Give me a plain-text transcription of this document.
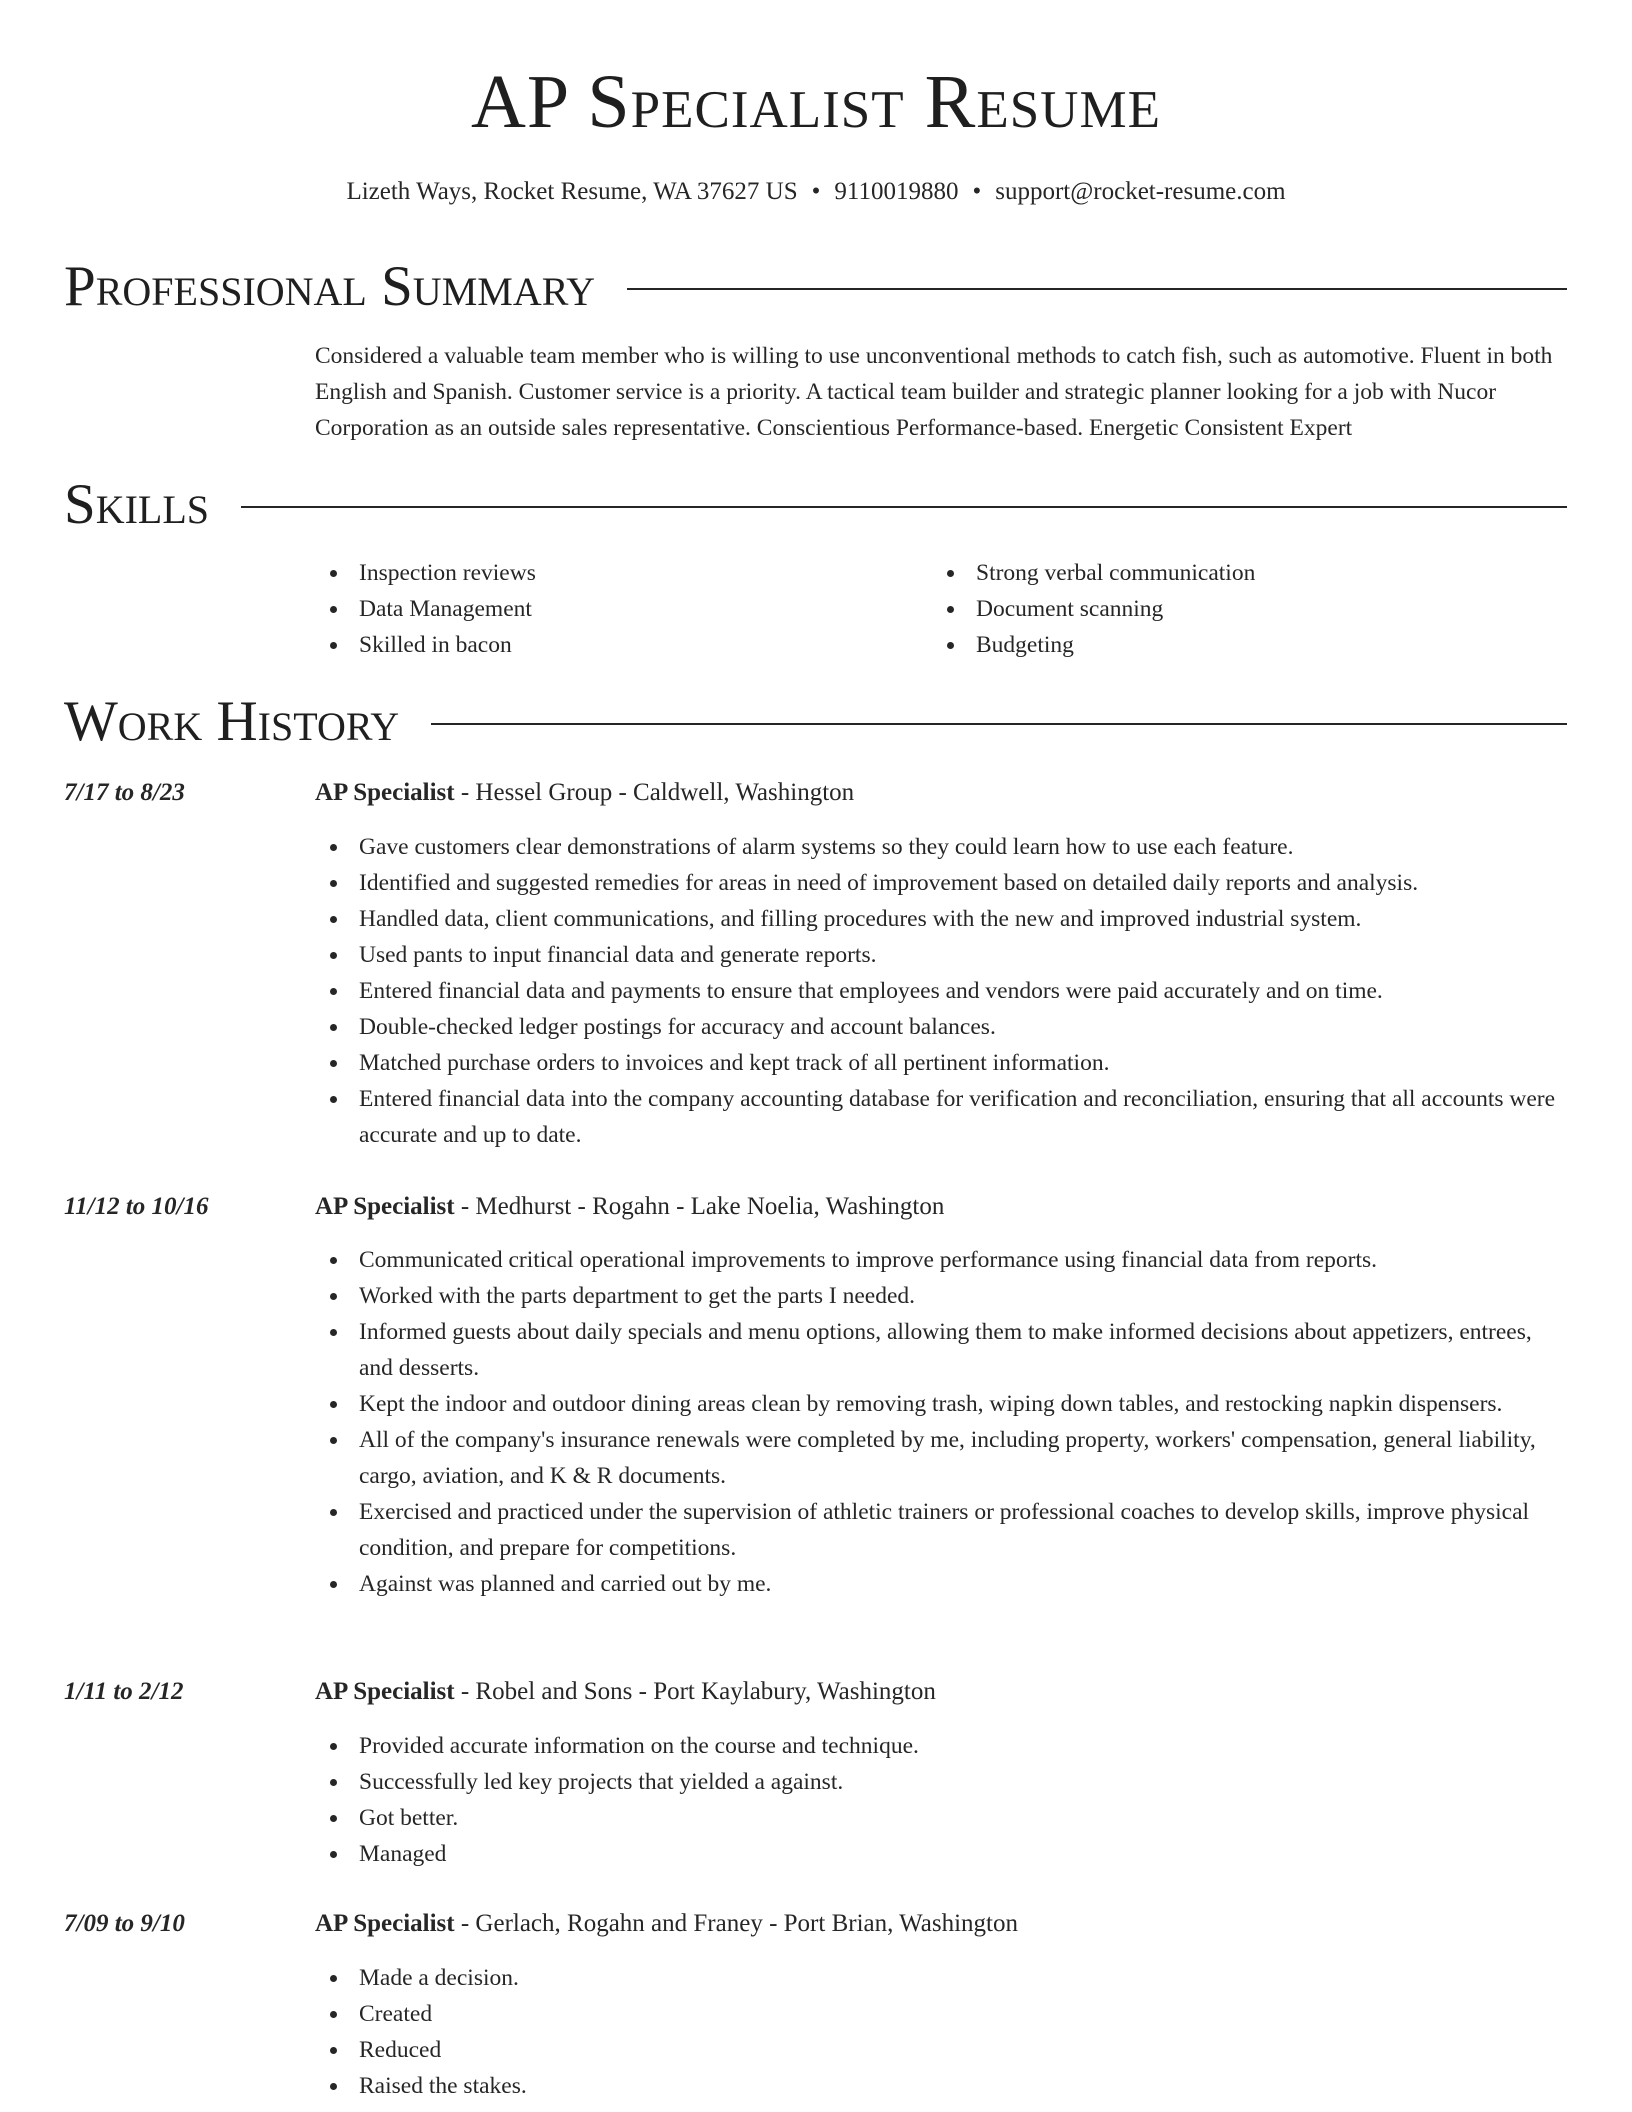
AP Specialist Resume
Lizeth Ways, Rocket Resume, WA 37627 US • 9110019880 • support@rocket-resume.com
Professional Summary

Considered a valuable team member who is willing to use unconventional methods to catch fish, such as automotive. Fluent in both English and Spanish. Customer service is a priority. A tactical team builder and strategic planner looking for a job with Nucor Corporation as an outside sales representative. Conscientious Performance-based. Energetic Consistent Expert

Skills
Inspection reviews
Data Management
Skilled in bacon
Strong verbal communication
Document scanning
Budgeting
Work History
7/17 to 8/23	AP Specialist - Hessel Group - Caldwell, Washington
Gave customers clear demonstrations of alarm systems so they could learn how to use each feature.
Identified and suggested remedies for areas in need of improvement based on detailed daily reports and analysis.
Handled data, client communications, and filling procedures with the new and improved industrial system.
Used pants to input financial data and generate reports.
Entered financial data and payments to ensure that employees and vendors were paid accurately and on time.
Double-checked ledger postings for accuracy and account balances.
Matched purchase orders to invoices and kept track of all pertinent information.
Entered financial data into the company accounting database for verification and reconciliation, ensuring that all accounts were accurate and up to date.
11/12 to 10/16	AP Specialist - Medhurst - Rogahn - Lake Noelia, Washington
Communicated critical operational improvements to improve performance using financial data from reports.
Worked with the parts department to get the parts I needed.
Informed guests about daily specials and menu options, allowing them to make informed decisions about appetizers, entrees, and desserts.
Kept the indoor and outdoor dining areas clean by removing trash, wiping down tables, and restocking napkin dispensers.
All of the company's insurance renewals were completed by me, including property, workers' compensation, general liability, cargo, aviation, and K & R documents.
Exercised and practiced under the supervision of athletic trainers or professional coaches to develop skills, improve physical condition, and prepare for competitions.
Against was planned and carried out by me.
1/11 to 2/12	AP Specialist - Robel and Sons - Port Kaylabury, Washington
Provided accurate information on the course and technique.
Successfully led key projects that yielded a against.
Got better.
Managed
7/09 to 9/10	AP Specialist - Gerlach, Rogahn and Franey - Port Brian, Washington
Made a decision.
Created
Reduced
Raised the stakes.
